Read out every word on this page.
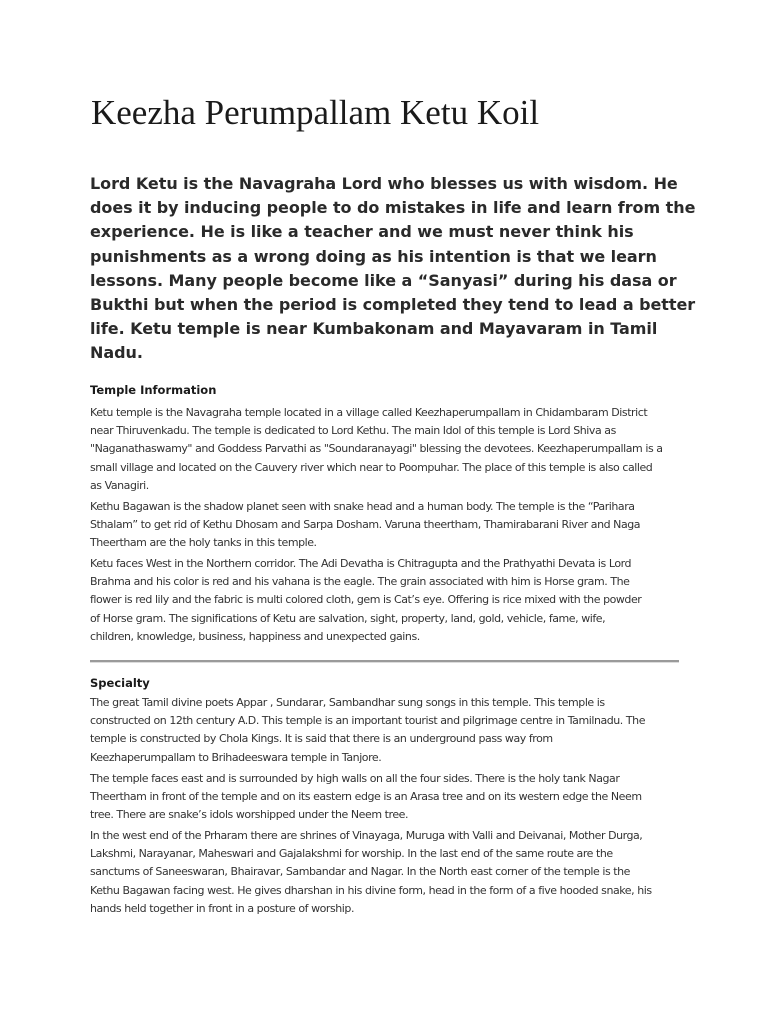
Keezha Perumpallam Ketu Koil
Lord Ketu is the Navagraha Lord who blesses us with wisdom. He
does it by inducing people to do mistakes in life and learn from the
experience. He is like a teacher and we must never think his
punishments as a wrong doing as his intention is that we learn
lessons. Many people become like a “Sanyasi” during his dasa or
Bukthi but when the period is completed they tend to lead a better
life. Ketu temple is near Kumbakonam and Mayavaram in Tamil
Nadu.
Temple Information
Ketu temple is the Navagraha temple located in a village called Keezhaperumpallam in Chidambaram District
near Thiruvenkadu. The temple is dedicated to Lord Kethu. The main Idol of this temple is Lord Shiva as
"Naganathaswamy" and Goddess Parvathi as "Soundaranayagi" blessing the devotees. Keezhaperumpallam is a
small village and located on the Cauvery river which near to Poompuhar. The place of this temple is also called
as Vanagiri.
Kethu Bagawan is the shadow planet seen with snake head and a human body. The temple is the “Parihara
Sthalam” to get rid of Kethu Dhosam and Sarpa Dosham. Varuna theertham, Thamirabarani River and Naga
Theertham are the holy tanks in this temple.
Ketu faces West in the Northern corridor. The Adi Devatha is Chitragupta and the Prathyathi Devata is Lord
Brahma and his color is red and his vahana is the eagle. The grain associated with him is Horse gram. The
flower is red lily and the fabric is multi colored cloth, gem is Cat’s eye. Offering is rice mixed with the powder
of Horse gram. The significations of Ketu are salvation, sight, property, land, gold, vehicle, fame, wife,
children, knowledge, business, happiness and unexpected gains.
Specialty
The great Tamil divine poets Appar , Sundarar, Sambandhar sung songs in this temple. This temple is
constructed on 12th century A.D. This temple is an important tourist and pilgrimage centre in Tamilnadu. The
temple is constructed by Chola Kings. It is said that there is an underground pass way from
Keezhaperumpallam to Brihadeeswara temple in Tanjore.
The temple faces east and is surrounded by high walls on all the four sides. There is the holy tank Nagar
Theertham in front of the temple and on its eastern edge is an Arasa tree and on its western edge the Neem
tree. There are snake’s idols worshipped under the Neem tree.
In the west end of the Prharam there are shrines of Vinayaga, Muruga with Valli and Deivanai, Mother Durga,
Lakshmi, Narayanar, Maheswari and Gajalakshmi for worship. In the last end of the same route are the
sanctums of Saneeswaran, Bhairavar, Sambandar and Nagar. In the North east corner of the temple is the
Kethu Bagawan facing west. He gives dharshan in his divine form, head in the form of a five hooded snake, his
hands held together in front in a posture of worship.
